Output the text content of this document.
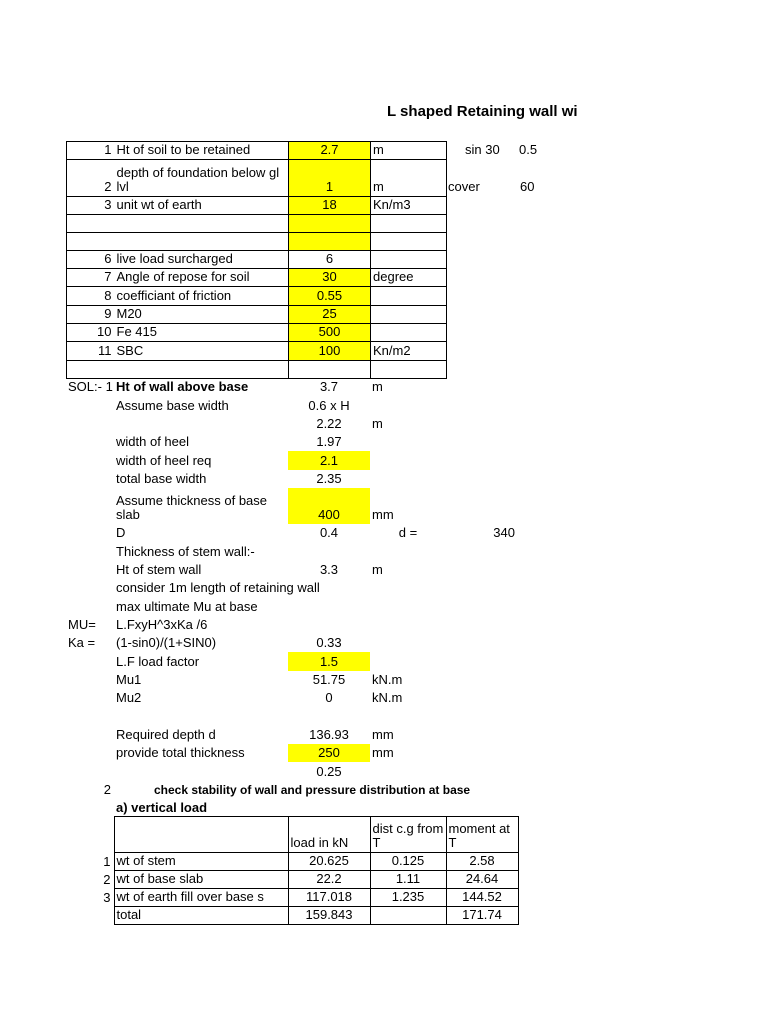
L shaped Retaining wall wi
1	Ht of soil to be retained	2.7	m
2	depth of foundation below gl lvl	1	m
3	unit wt of earth	18	Kn/m3

6	live load surcharged	6	
7	Angle of repose for soil	30	degree
8	coefficiant of friction	0.55	
9	M20	25	
10	Fe 415	500	
11	SBC	100	Kn/m2

sin 30 0.5
cover	60
SOL:- 1 Ht of wall above base	3.7	m
Assume base width	0.6 x H
2.22	m
width of heel	1.97
width of heel req	2.1
total base width	2.35
Assume thickness of base slab	400	mm
D	0.4	d =	340
Thickness of stem wall:-
Ht of stem wall	3.3	m
consider 1m length of retaining wall
max ultimate Mu at base
MU=	L.FxyH^3xKa /6
Ka =	(1-sin0)/(1+SIN0)	0.33
L.F load factor	1.5
Mu1	51.75	kN.m
Mu2	0	kN.m
Required depth d	136.93	mm
provide total thickness	250	mm
0.25
2	check stability of wall and pressure distribution at base
a) vertical load
		load in kN	dist c.g from T	moment at T
1	wt of stem	20.625	0.125	2.58
2	wt of base slab	22.2	1.11	24.64
3	wt of earth fill over base s	117.018	1.235	144.52
	total	159.843		171.74
